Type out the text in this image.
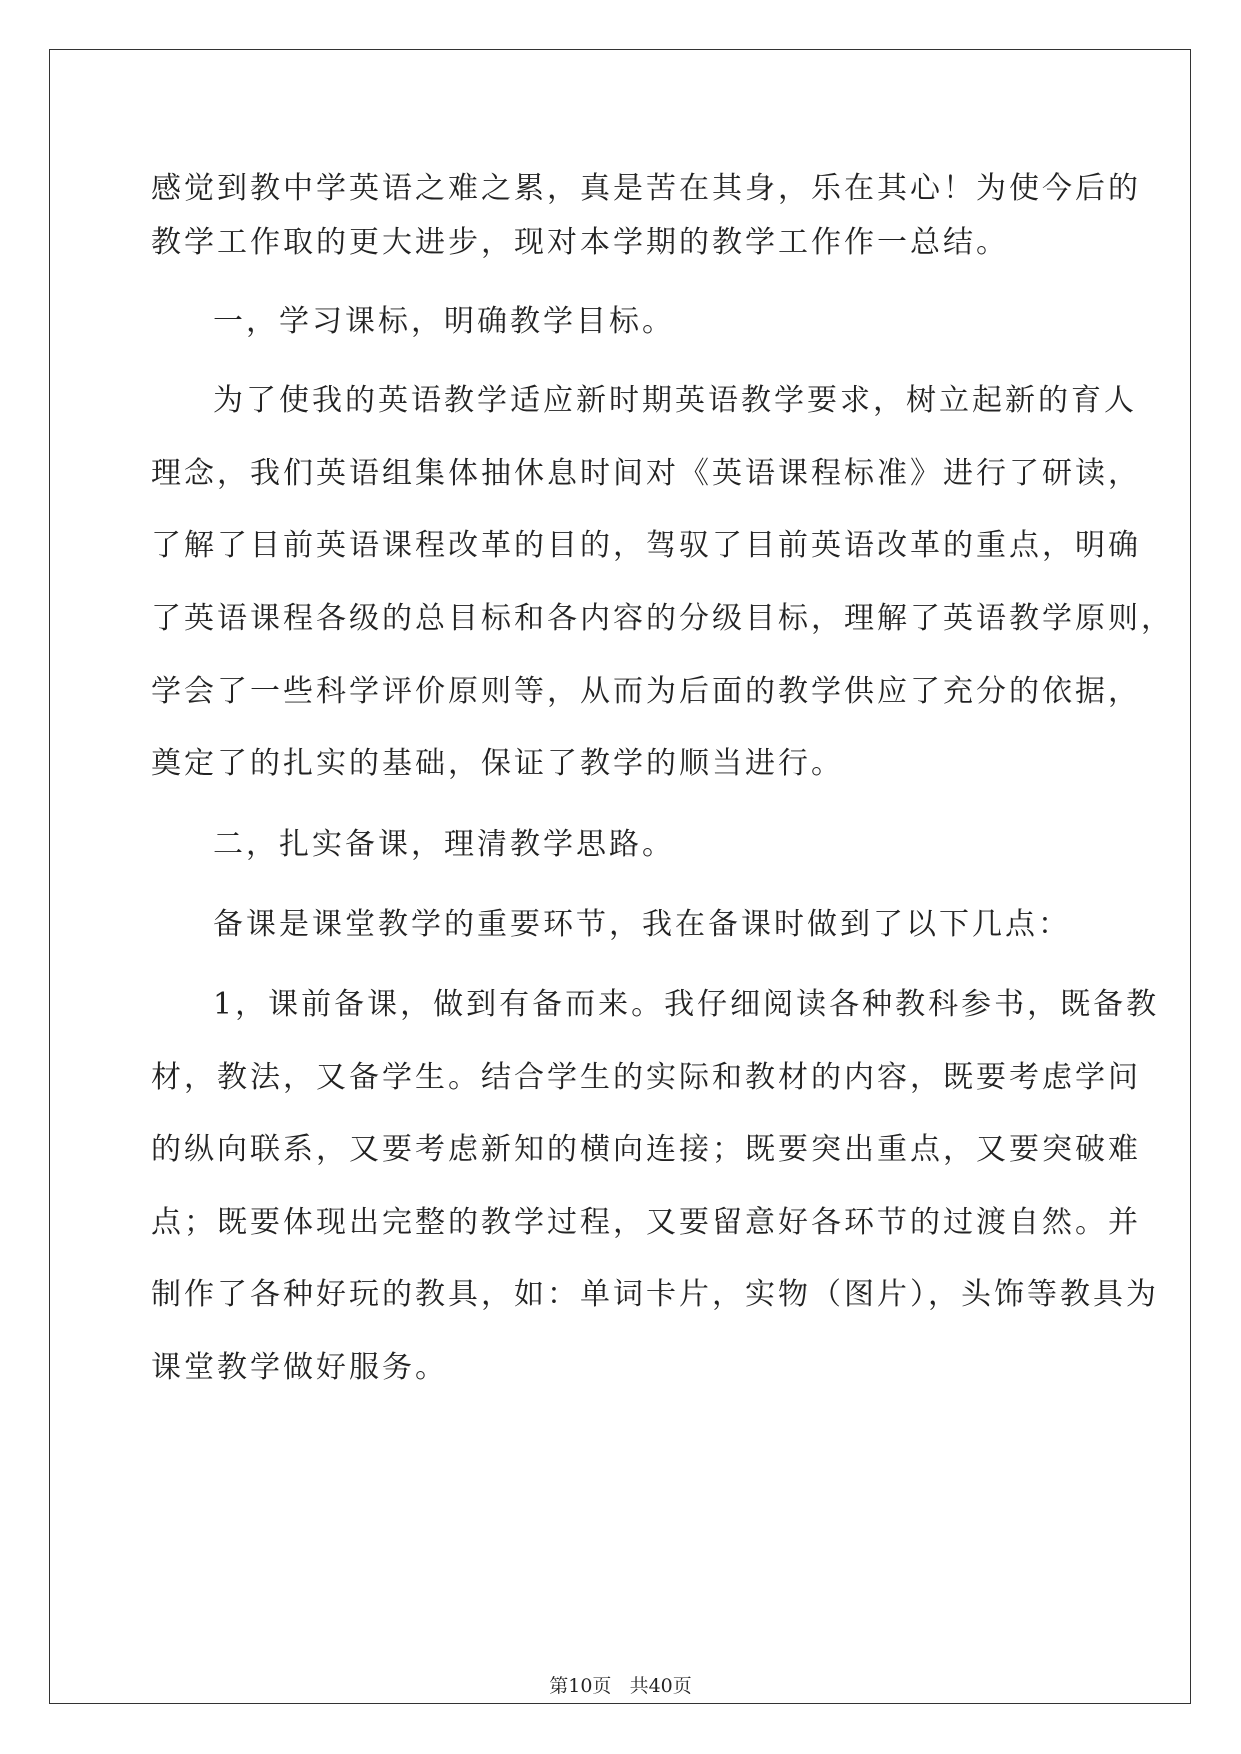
感觉到教中学英语之难之累，真是苦在其身，乐在其心！为使今后的
教学工作取的更大进步，现对本学期的教学工作作一总结。
一，学习课标，明确教学目标。
为了使我的英语教学适应新时期英语教学要求，树立起新的育人
理念，我们英语组集体抽休息时间对《英语课程标准》进行了研读，
了解了目前英语课程改革的目的，驾驭了目前英语改革的重点，明确
了英语课程各级的总目标和各内容的分级目标，理解了英语教学原则，
学会了一些科学评价原则等，从而为后面的教学供应了充分的依据，
奠定了的扎实的基础，保证了教学的顺当进行。
二，扎实备课，理清教学思路。
备课是课堂教学的重要环节，我在备课时做到了以下几点：
1，课前备课，做到有备而来。我仔细阅读各种教科参书，既备教
材，教法，又备学生。结合学生的实际和教材的内容，既要考虑学问
的纵向联系，又要考虑新知的横向连接；既要突出重点，又要突破难
点；既要体现出完整的教学过程，又要留意好各环节的过渡自然。并
制作了各种好玩的教具，如：单词卡片，实物（图片），头饰等教具为
课堂教学做好服务。
第10页 共40页
